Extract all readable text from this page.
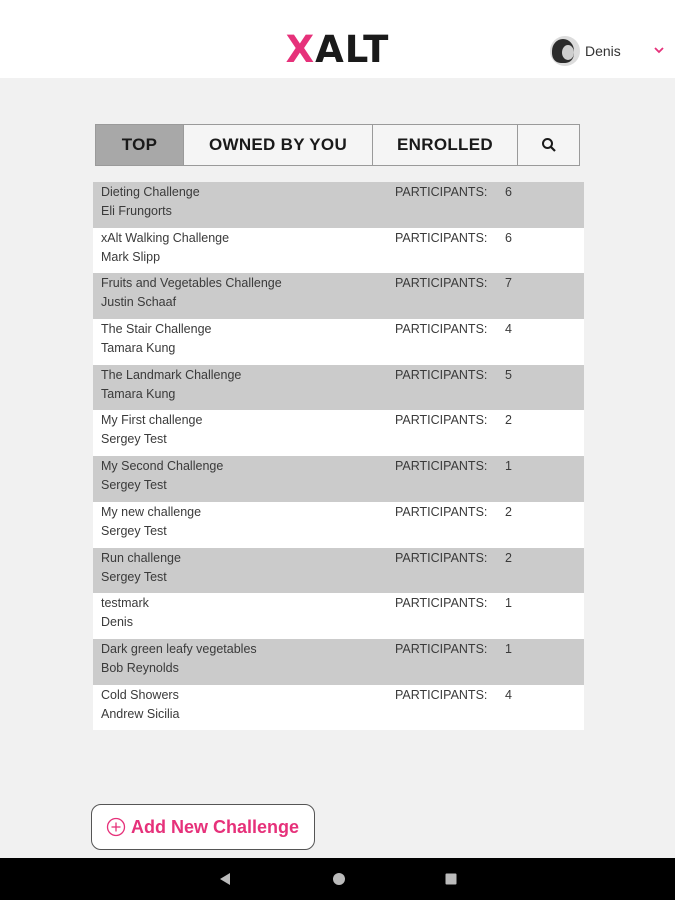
XALT	Denis
TOP	OWNED BY YOU	ENROLLED
Dieting Challenge
Eli Frungorts
PARTICIPANTS: 6
xAlt Walking Challenge
Mark Slipp
PARTICIPANTS: 6
Fruits and Vegetables Challenge
Justin Schaaf
PARTICIPANTS: 7
The Stair Challenge
Tamara Kung
PARTICIPANTS: 4
The Landmark Challenge
Tamara Kung
PARTICIPANTS: 5
My First challenge
Sergey Test
PARTICIPANTS: 2
My Second Challenge
Sergey Test
PARTICIPANTS: 1
My new challenge
Sergey Test
PARTICIPANTS: 2
Run challenge
Sergey Test
PARTICIPANTS: 2
testmark
Denis
PARTICIPANTS: 1
Dark green leafy vegetables
Bob Reynolds
PARTICIPANTS: 1
Cold Showers
Andrew Sicilia
PARTICIPANTS: 4
Add New Challenge
